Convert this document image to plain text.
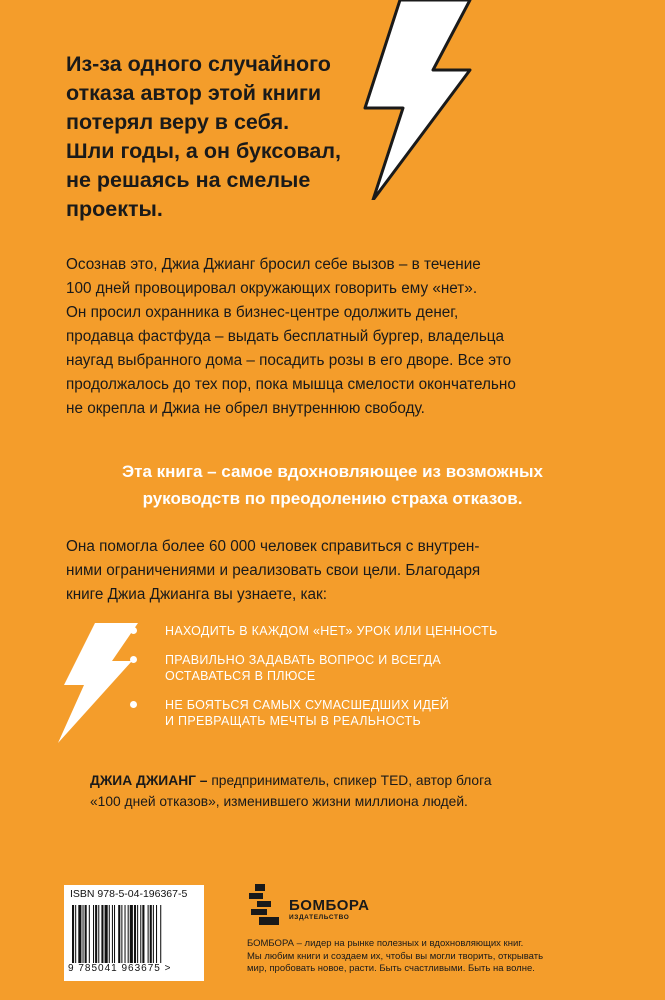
Из-за одного случайного
отказа автор этой книги
потерял веру в себя.
Шли годы, а он буксовал,
не решаясь на смелые
проекты.
Осознав это, Джиа Джианг бросил себе вызов – в течение
100 дней провоцировал окружающих говорить ему «нет».
Он просил охранника в бизнес-центре одолжить денег,
продавца фастфуда – выдать бесплатный бургер, владельца
наугад выбранного дома – посадить розы в его дворе. Все это
продолжалось до тех пор, пока мышца смелости окончательно
не окрепла и Джиа не обрел внутреннюю свободу.
Эта книга – самое вдохновляющее из возможных
руководств по преодолению страха отказов.
Она помогла более 60 000 человек справиться с внутрен-
ними ограничениями и реализовать свои цели. Благодаря
книге Джиа Джианга вы узнаете, как:
НАХОДИТЬ В КАЖДОМ «НЕТ» УРОК ИЛИ ЦЕННОСТЬ
ПРАВИЛЬНО ЗАДАВАТЬ ВОПРОС И ВСЕГДА
ОСТАВАТЬСЯ В ПЛЮСЕ
НЕ БОЯТЬСЯ САМЫХ СУМАСШЕДШИХ ИДЕЙ
И ПРЕВРАЩАТЬ МЕЧТЫ В РЕАЛЬНОСТЬ
ДЖИА ДЖИАНГ – предприниматель, спикер TED, автор блога
«100 дней отказов», изменившего жизни миллиона людей.
ISBN 978-5-04-196367-5
9 785041 963675 >
БОМБОРА
ИЗДАТЕЛЬСТВО
БОМБОРА – лидер на рынке полезных и вдохновляющих книг.
Мы любим книги и создаем их, чтобы вы могли творить, открывать
мир, пробовать новое, расти. Быть счастливыми. Быть на волне.
